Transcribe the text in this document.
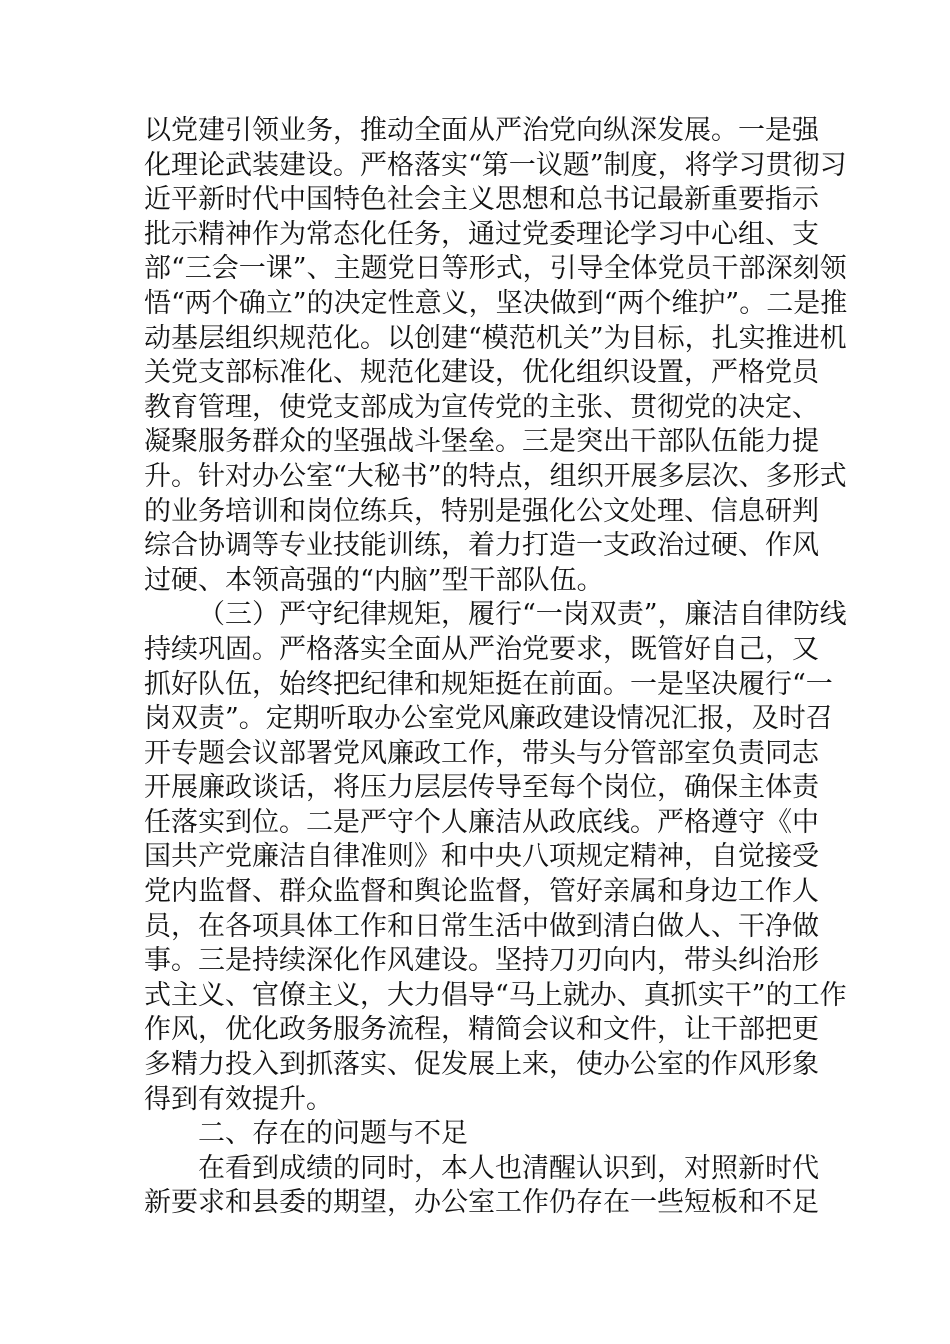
以党建引领业务，推动全面从严治党向纵深发展。一是强
化理论武装建设。严格落实“第一议题”制度，将学习贯彻习
近平新时代中国特色社会主义思想和总书记最新重要指示
批示精神作为常态化任务，通过党委理论学习中心组、支
部“三会一课”、主题党日等形式，引导全体党员干部深刻领
悟“两个确立”的决定性意义，坚决做到“两个维护”。二是推
动基层组织规范化。以创建“模范机关”为目标，扎实推进机
关党支部标准化、规范化建设，优化组织设置，严格党员
教育管理，使党支部成为宣传党的主张、贯彻党的决定、
凝聚服务群众的坚强战斗堡垒。三是突出干部队伍能力提
升。针对办公室“大秘书”的特点，组织开展多层次、多形式
的业务培训和岗位练兵，特别是强化公文处理、信息研判
综合协调等专业技能训练，着力打造一支政治过硬、作风
过硬、本领高强的“内脑”型干部队伍。
（三）严守纪律规矩，履行“一岗双责”，廉洁自律防线
持续巩固。严格落实全面从严治党要求，既管好自己，又
抓好队伍，始终把纪律和规矩挺在前面。一是坚决履行“一
岗双责”。定期听取办公室党风廉政建设情况汇报，及时召
开专题会议部署党风廉政工作，带头与分管部室负责同志
开展廉政谈话，将压力层层传导至每个岗位，确保主体责
任落实到位。二是严守个人廉洁从政底线。严格遵守《中
国共产党廉洁自律准则》和中央八项规定精神，自觉接受
党内监督、群众监督和舆论监督，管好亲属和身边工作人
员，在各项具体工作和日常生活中做到清白做人、干净做
事。三是持续深化作风建设。坚持刀刃向内，带头纠治形
式主义、官僚主义，大力倡导“马上就办、真抓实干”的工作
作风，优化政务服务流程，精简会议和文件，让干部把更
多精力投入到抓落实、促发展上来，使办公室的作风形象
得到有效提升。
二、存在的问题与不足
在看到成绩的同时，本人也清醒认识到，对照新时代
新要求和县委的期望，办公室工作仍存在一些短板和不足
